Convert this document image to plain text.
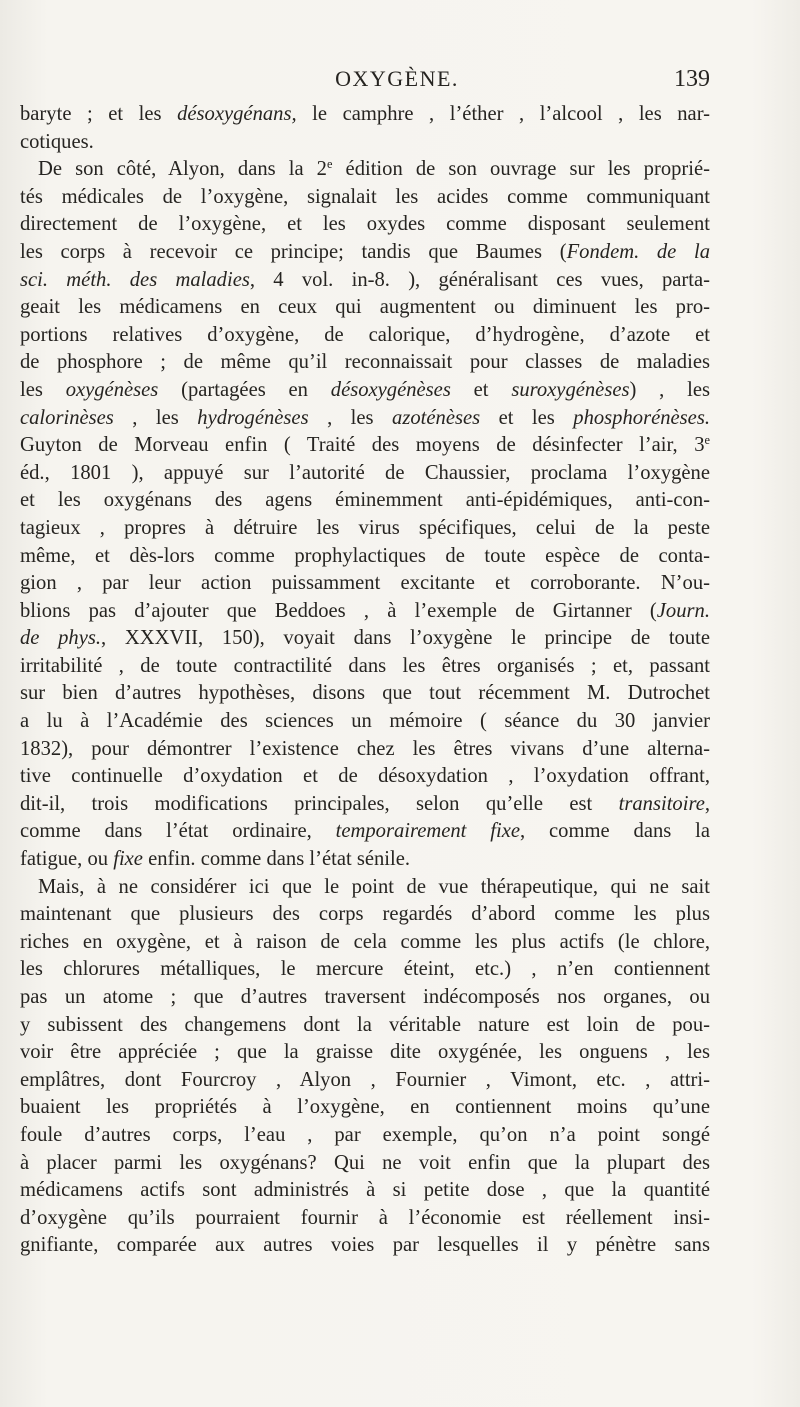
OXYGÈNE.	139

baryte ; et les désoxygénans, le camphre , l’éther , l’alcool , les nar-

cotiques.

De son côté, Alyon, dans la 2e édition de son ouvrage sur les proprié-

tés médicales de l’oxygène, signalait les acides comme communiquant

directement de l’oxygène, et les oxydes comme disposant seulement

les corps à recevoir ce principe; tandis que Baumes (Fondem. de la

sci. méth. des maladies, 4 vol. in-8. ), généralisant ces vues, parta-

geait les médicamens en ceux qui augmentent ou diminuent les pro-

portions relatives d’oxygène, de calorique, d’hydrogène, d’azote et

de phosphore ; de même qu’il reconnaissait pour classes de maladies

les oxygénèses (partagées en désoxygénèses et suroxygénèses) , les

calorinèses , les hydrogénèses , les azoténèses et les phosphorénèses.

Guyton de Morveau enfin ( Traité des moyens de désinfecter l’air, 3e

éd., 1801 ), appuyé sur l’autorité de Chaussier, proclama l’oxygène

et les oxygénans des agens éminemment anti-épidémiques, anti-con-

tagieux , propres à détruire les virus spécifiques, celui de la peste

même, et dès-lors comme prophylactiques de toute espèce de conta-

gion , par leur action puissamment excitante et corroborante. N’ou-

blions pas d’ajouter que Beddoes , à l’exemple de Girtanner (Journ.

de phys., XXXVII, 150), voyait dans l’oxygène le principe de toute

irritabilité , de toute contractilité dans les êtres organisés ; et, passant

sur bien d’autres hypothèses, disons que tout récemment M. Dutrochet

a lu à l’Académie des sciences un mémoire ( séance du 30 janvier

1832), pour démontrer l’existence chez les êtres vivans d’une alterna-

tive continuelle d’oxydation et de désoxydation , l’oxydation offrant,

dit-il, trois modifications principales, selon qu’elle est transitoire,

comme dans l’état ordinaire, temporairement fixe, comme dans la

fatigue, ou fixe enfin. comme dans l’état sénile.

Mais, à ne considérer ici que le point de vue thérapeutique, qui ne sait

maintenant que plusieurs des corps regardés d’abord comme les plus

riches en oxygène, et à raison de cela comme les plus actifs (le chlore,

les chlorures métalliques, le mercure éteint, etc.) , n’en contiennent

pas un atome ; que d’autres traversent indécomposés nos organes, ou

y subissent des changemens dont la véritable nature est loin de pou-

voir être appréciée ; que la graisse dite oxygénée, les onguens , les

emplâtres, dont Fourcroy , Alyon , Fournier , Vimont, etc. , attri-

buaient les propriétés à l’oxygène, en contiennent moins qu’une

foule d’autres corps, l’eau , par exemple, qu’on n’a point songé

à placer parmi les oxygénans? Qui ne voit enfin que la plupart des

médicamens actifs sont administrés à si petite dose , que la quantité

d’oxygène qu’ils pourraient fournir à l’économie est réellement insi-

gnifiante, comparée aux autres voies par lesquelles il y pénètre sans
